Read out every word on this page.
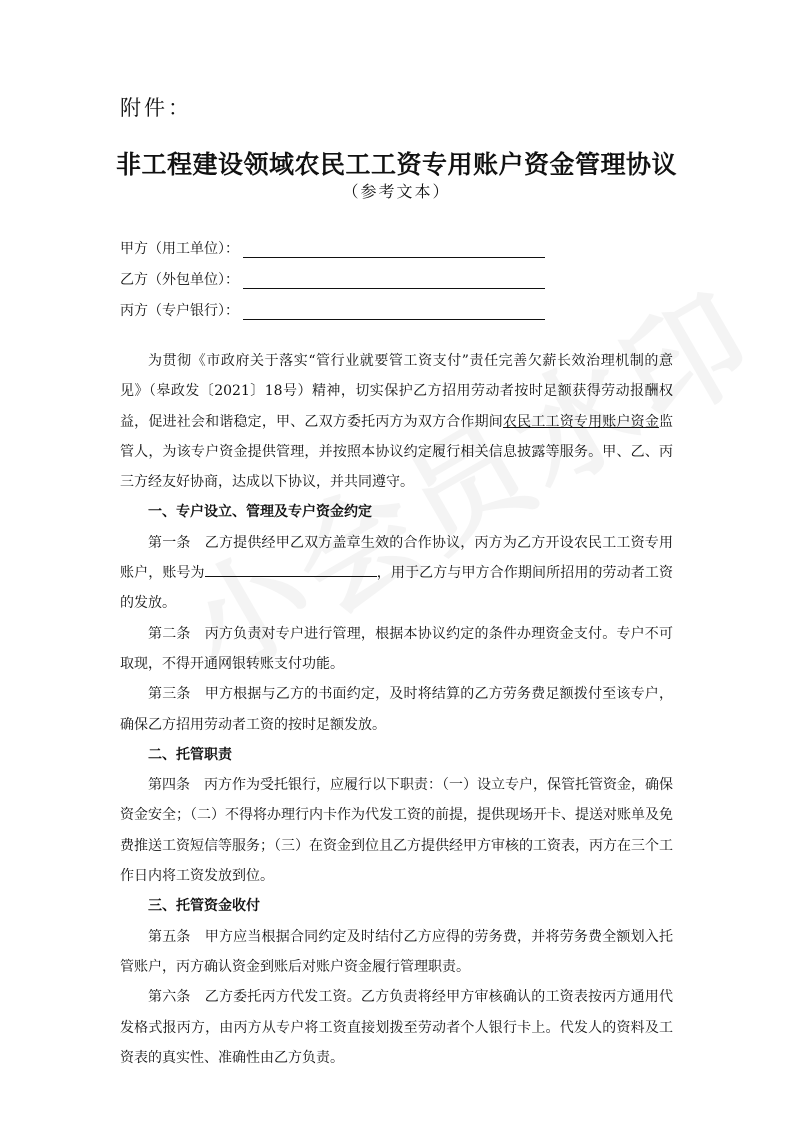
附件：
非工程建设领域农民工工资专用账户资金管理协议
（参考文本）
甲方（用工单位）：
乙方（外包单位）：
丙方（专户银行）：

为贯彻《市政府关于落实“管行业就要管工资支付”责任完善欠薪长效治理机制的意见》（皋政发〔2021〕18号）精神，切实保护乙方招用劳动者按时足额获得劳动报酬权益，促进社会和谐稳定，甲、乙双方委托丙方为双方合作期间农民工工资专用账户资金监管人，为该专户资金提供管理，并按照本协议约定履行相关信息披露等服务。甲、乙、丙三方经友好协商，达成以下协议，并共同遵守。

一、专户设立、管理及专户资金约定

第一条　乙方提供经甲乙双方盖章生效的合作协议，丙方为乙方开设农民工工资专用账户，账号为	，用于乙方与甲方合作期间所招用的劳动者工资的发放。

第二条　丙方负责对专户进行管理，根据本协议约定的条件办理资金支付。专户不可取现，不得开通网银转账支付功能。

第三条　甲方根据与乙方的书面约定，及时将结算的乙方劳务费足额拨付至该专户，确保乙方招用劳动者工资的按时足额发放。

二、托管职责

第四条　丙方作为受托银行，应履行以下职责：（一）设立专户，保管托管资金，确保资金安全；（二）不得将办理行内卡作为代发工资的前提，提供现场开卡、提送对账单及免费推送工资短信等服务；（三）在资金到位且乙方提供经甲方审核的工资表，丙方在三个工作日内将工资发放到位。

三、托管资金收付

第五条　甲方应当根据合同约定及时结付乙方应得的劳务费，并将劳务费全额划入托管账户，丙方确认资金到账后对账户资金履行管理职责。

第六条　乙方委托丙方代发工资。乙方负责将经甲方审核确认的工资表按丙方通用代发格式报丙方，由丙方从专户将工资直接划拨至劳动者个人银行卡上。代发人的资料及工资表的真实性、准确性由乙方负责。
